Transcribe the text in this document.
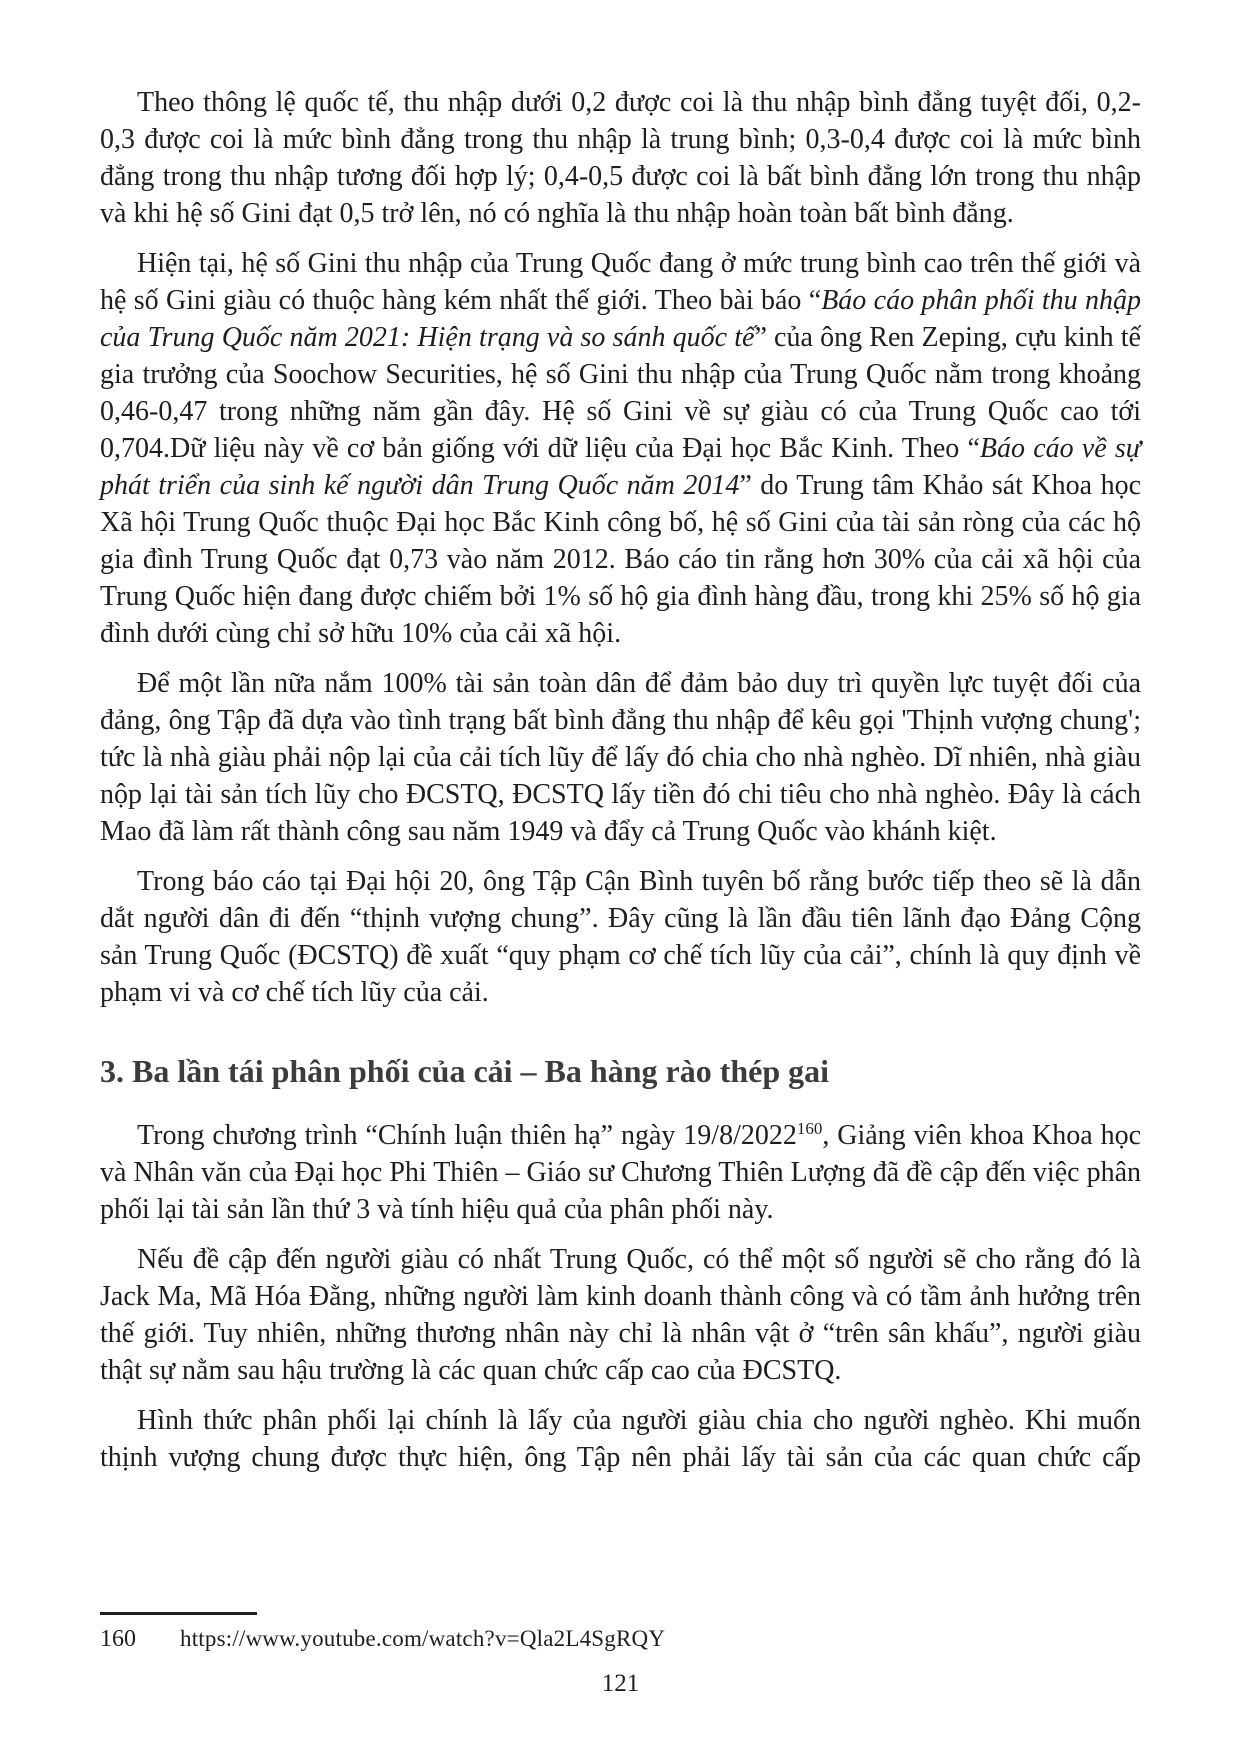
Theo thông lệ quốc tế, thu nhập dưới 0,2 được coi là thu nhập bình đẳng tuyệt đối, 0,2-0,3 được coi là mức bình đẳng trong thu nhập là trung bình; 0,3-0,4 được coi là mức bình đẳng trong thu nhập tương đối hợp lý; 0,4-0,5 được coi là bất bình đẳng lớn trong thu nhập và khi hệ số Gini đạt 0,5 trở lên, nó có nghĩa là thu nhập hoàn toàn bất bình đẳng.

Hiện tại, hệ số Gini thu nhập của Trung Quốc đang ở mức trung bình cao trên thế giới và hệ số Gini giàu có thuộc hàng kém nhất thế giới. Theo bài báo “Báo cáo phân phối thu nhập của Trung Quốc năm 2021: Hiện trạng và so sánh quốc tế” của ông Ren Zeping, cựu kinh tế gia trưởng của Soochow Securities, hệ số Gini thu nhập của Trung Quốc nằm trong khoảng 0,46-0,47 trong những năm gần đây. Hệ số Gini về sự giàu có của Trung Quốc cao tới 0,704.Dữ liệu này về cơ bản giống với dữ liệu của Đại học Bắc Kinh. Theo “Báo cáo về sự phát triển của sinh kế người dân Trung Quốc năm 2014” do Trung tâm Khảo sát Khoa học Xã hội Trung Quốc thuộc Đại học Bắc Kinh công bố, hệ số Gini của tài sản ròng của các hộ gia đình Trung Quốc đạt 0,73 vào năm 2012. Báo cáo tin rằng hơn 30% của cải xã hội của Trung Quốc hiện đang được chiếm bởi 1% số hộ gia đình hàng đầu, trong khi 25% số hộ gia đình dưới cùng chỉ sở hữu 10% của cải xã hội.

Để một lần nữa nắm 100% tài sản toàn dân để đảm bảo duy trì quyền lực tuyệt đối của đảng, ông Tập đã dựa vào tình trạng bất bình đẳng thu nhập để kêu gọi 'Thịnh vượng chung'; tức là nhà giàu phải nộp lại của cải tích lũy để lấy đó chia cho nhà nghèo. Dĩ nhiên, nhà giàu nộp lại tài sản tích lũy cho ĐCSTQ, ĐCSTQ lấy tiền đó chi tiêu cho nhà nghèo. Đây là cách Mao đã làm rất thành công sau năm 1949 và đẩy cả Trung Quốc vào khánh kiệt.

Trong báo cáo tại Đại hội 20, ông Tập Cận Bình tuyên bố rằng bước tiếp theo sẽ là dẫn dắt người dân đi đến “thịnh vượng chung”. Đây cũng là lần đầu tiên lãnh đạo Đảng Cộng sản Trung Quốc (ĐCSTQ) đề xuất “quy phạm cơ chế tích lũy của cải”, chính là quy định về phạm vi và cơ chế tích lũy của cải.

3. Ba lần tái phân phối của cải – Ba hàng rào thép gai

Trong chương trình “Chính luận thiên hạ” ngày 19/8/2022$^{160}$, Giảng viên khoa Khoa học và Nhân văn của Đại học Phi Thiên – Giáo sư Chương Thiên Lượng đã đề cập đến việc phân phối lại tài sản lần thứ 3 và tính hiệu quả của phân phối này.

Nếu đề cập đến người giàu có nhất Trung Quốc, có thể một số người sẽ cho rằng đó là Jack Ma, Mã Hóa Đằng, những người làm kinh doanh thành công và có tầm ảnh hưởng trên thế giới. Tuy nhiên, những thương nhân này chỉ là nhân vật ở “trên sân khấu”, người giàu thật sự nằm sau hậu trường là các quan chức cấp cao của ĐCSTQ.

Hình thức phân phối lại chính là lấy của người giàu chia cho người nghèo. Khi muốn thịnh vượng chung được thực hiện, ông Tập nên phải lấy tài sản của các quan chức cấp

160	https://www.youtube.com/watch?v=Qla2L4SgRQY
121
